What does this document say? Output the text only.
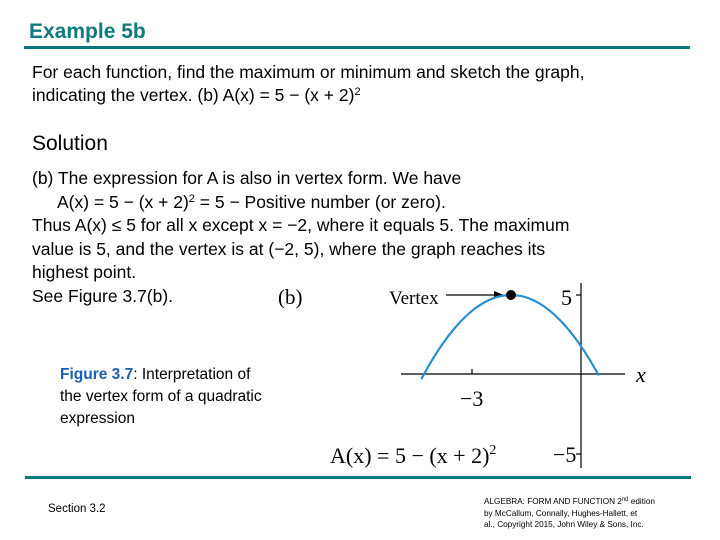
Example 5b
For each function, find the maximum or minimum and sketch the graph,
indicating the vertex. (b) $A(x) = 5 - (x + 2)^2$
Solution
(b) The expression for A is also in vertex form. We have
$A(x) = 5 - (x + 2)^2 = 5$ − Positive number (or zero).
Thus A(x) ≤ 5 for all x except x = −2, where it equals 5. The maximum
value is 5, and the vertex is at (−2, 5), where the graph reaches its
highest point.
See Figure 3.7(b).	(b)	Vertex	5
−5
−3
x
$A(x) = 5 - (x + 2)^2$
Figure 3.7: Interpretation of the vertex form of a quadratic expression
Section 3.2
ALGEBRA: FORM AND FUNCTION 2nd edition
by McCallum, Connally, Hughes-Hallett, et
al., Copyright 2015, John Wiley & Sons, Inc.
